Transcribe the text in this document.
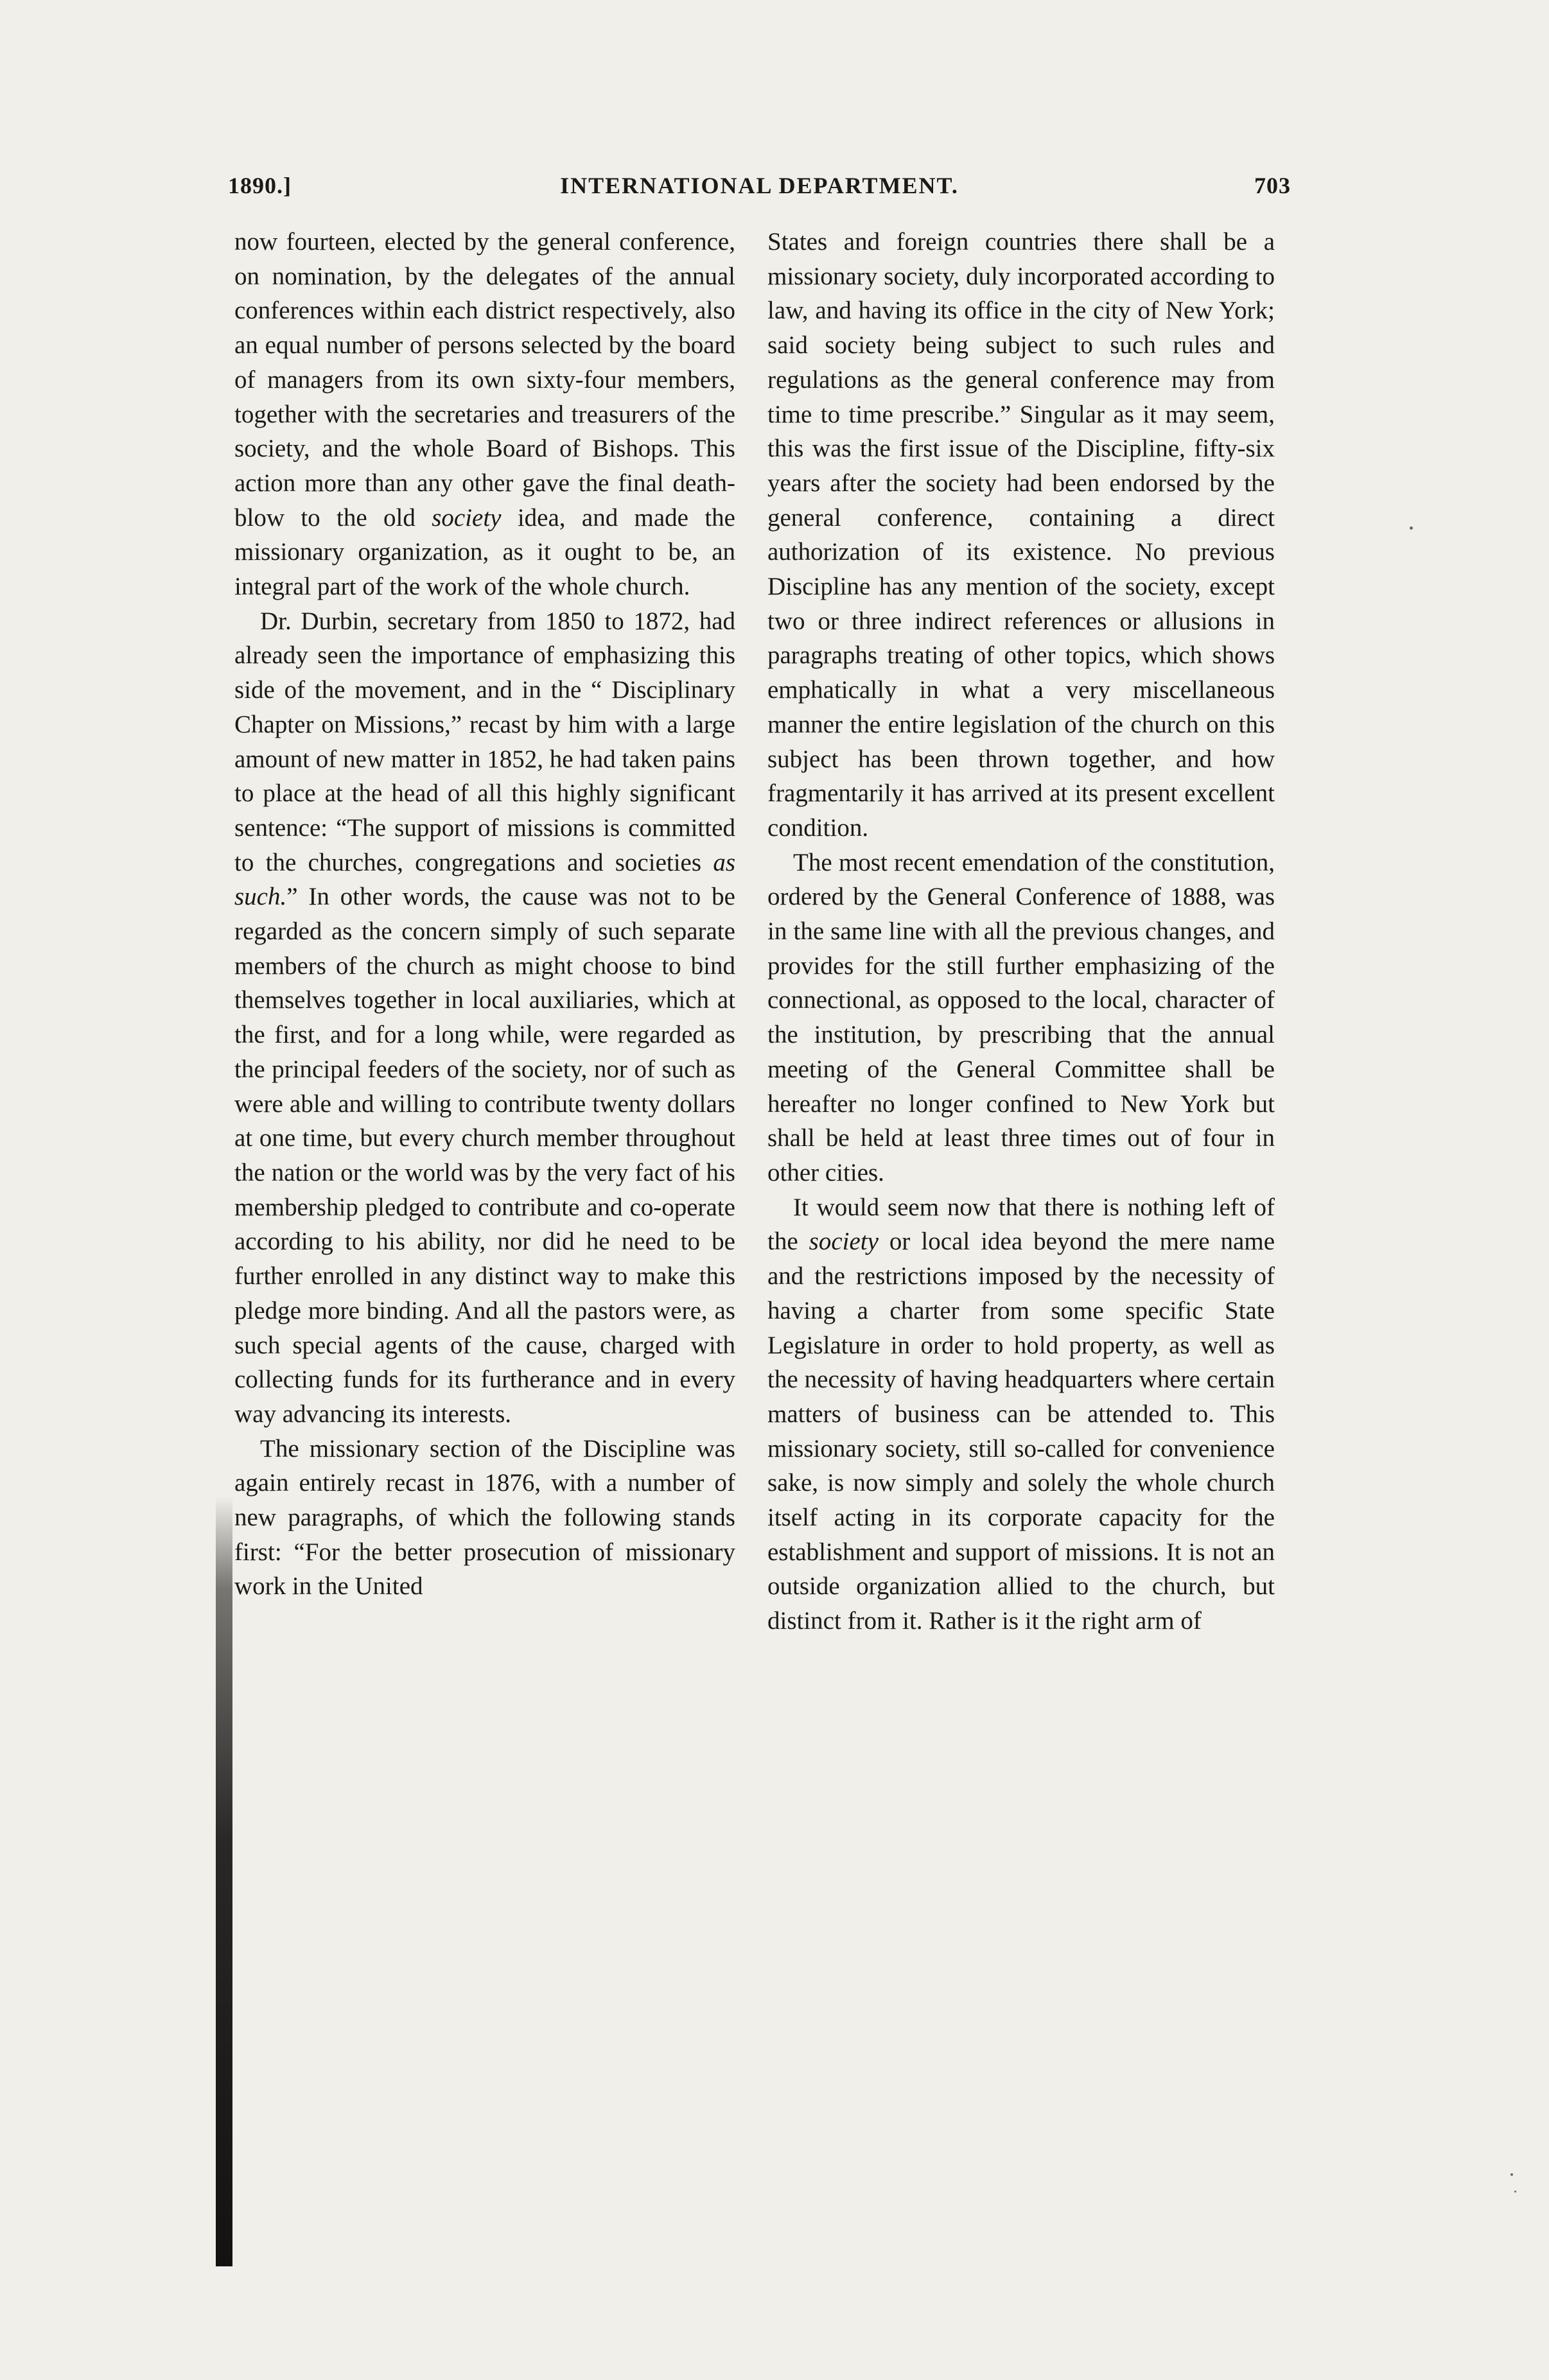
1890.]	INTERNATIONAL DEPARTMENT.	703

now fourteen, elected by the general conference, on nomination, by the delegates of the annual conferences within each district respectively, also an equal number of persons selected by the board of managers from its own sixty-four members, together with the secretaries and treasurers of the society, and the whole Board of Bishops. This action more than any other gave the final death-blow to the old society idea, and made the missionary organization, as it ought to be, an integral part of the work of the whole church.

Dr. Durbin, secretary from 1850 to 1872, had already seen the importance of emphasizing this side of the movement, and in the “ Disciplinary Chapter on Missions,” recast by him with a large amount of new matter in 1852, he had taken pains to place at the head of all this highly significant sentence: “The support of missions is committed to the churches, congregations and societies as such.” In other words, the cause was not to be regarded as the concern simply of such separate members of the church as might choose to bind themselves together in local auxiliaries, which at the first, and for a long while, were regarded as the principal feeders of the society, nor of such as were able and willing to contribute twenty dollars at one time, but every church member throughout the nation or the world was by the very fact of his membership pledged to contribute and co-operate according to his ability, nor did he need to be further enrolled in any distinct way to make this pledge more binding. And all the pastors were, as such special agents of the cause, charged with collecting funds for its furtherance and in every way advancing its interests.

The missionary section of the Discipline was again entirely recast in 1876, with a number of new paragraphs, of which the following stands first: “For the better prosecution of missionary work in the United

States and foreign countries there shall be a missionary society, duly incorporated according to law, and having its office in the city of New York; said society being subject to such rules and regulations as the general conference may from time to time prescribe.” Singular as it may seem, this was the first issue of the Discipline, fifty-six years after the society had been endorsed by the general conference, containing a direct authorization of its existence. No previous Discipline has any mention of the society, except two or three indirect references or allusions in paragraphs treating of other topics, which shows emphatically in what a very miscellaneous manner the entire legislation of the church on this subject has been thrown together, and how fragmentarily it has arrived at its present excellent condition.

The most recent emendation of the constitution, ordered by the General Conference of 1888, was in the same line with all the previous changes, and provides for the still further emphasizing of the connectional, as opposed to the local, character of the institution, by prescribing that the annual meeting of the General Committee shall be hereafter no longer confined to New York but shall be held at least three times out of four in other cities.

It would seem now that there is nothing left of the society or local idea beyond the mere name and the restrictions imposed by the necessity of having a charter from some specific State Legislature in order to hold property, as well as the necessity of having headquarters where certain matters of business can be attended to. This missionary society, still so-called for convenience sake, is now simply and solely the whole church itself acting in its corporate capacity for the establishment and support of missions. It is not an outside organization allied to the church, but distinct from it. Rather is it the right arm of
